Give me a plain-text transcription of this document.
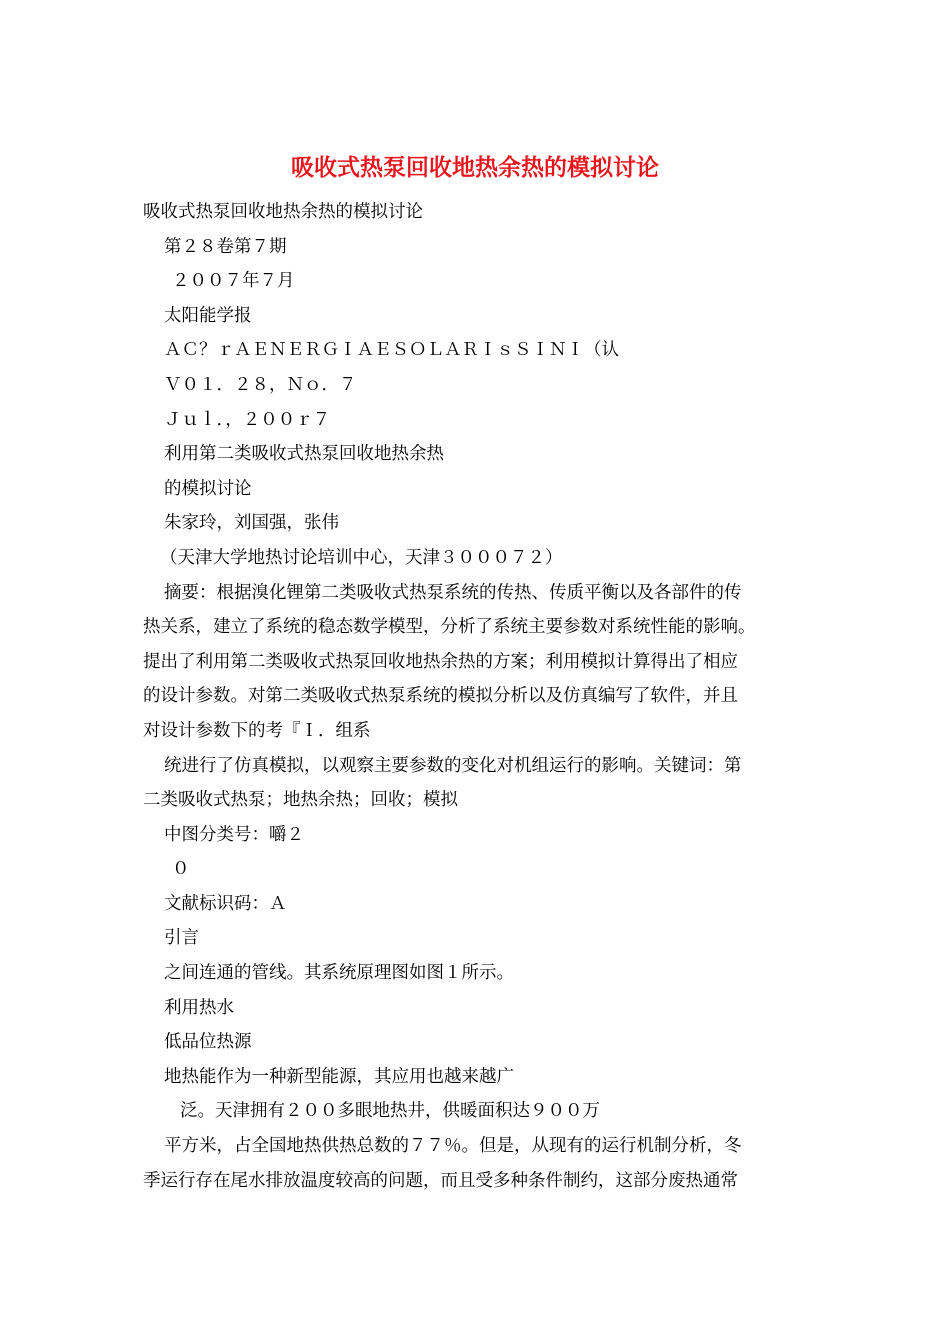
吸收式热泵回收地热余热的模拟讨论
吸收式热泵回收地热余热的模拟讨论
第２８卷第７期
２００７年７月
太阳能学报
ＡＣ？ｒＡＥＮＥＲＧＩＡＥＳＯＬＡＲＩｓＳＩＮＩ（认
Ｖ０１．２８，Ｎｏ．７
Ｊｕｌ．，２００ｒ７
利用第二类吸收式热泵回收地热余热
的模拟讨论
朱家玲，刘国强，张伟
（天津大学地热讨论培训中心，天津３０００７２）
摘要：根据溴化锂第二类吸收式热泵系统的传热、传质平衡以及各部件的传
热关系，建立了系统的稳态数学模型，分析了系统主要参数对系统性能的影响。
提出了利用第二类吸收式热泵回收地热余热的方案；利用模拟计算得出了相应
的设计参数。对第二类吸收式热泵系统的模拟分析以及仿真编写了软件，并且
对设计参数下的考『Ｉ．组系
统进行了仿真模拟，以观察主要参数的变化对机组运行的影响。关键词：第
二类吸收式热泵；地热余热；回收；模拟
中图分类号：嚼２
０
文献标识码：Ａ
引言
之间连通的管线。其系统原理图如图１所示。
利用热水
低品位热源
地热能作为一种新型能源，其应用也越来越广
泛。天津拥有２００多眼地热井，供暖面积达９００万
平方米，占全国地热供热总数的７７％。但是，从现有的运行机制分析，冬
季运行存在尾水排放温度较高的问题，而且受多种条件制约，这部分废热通常
